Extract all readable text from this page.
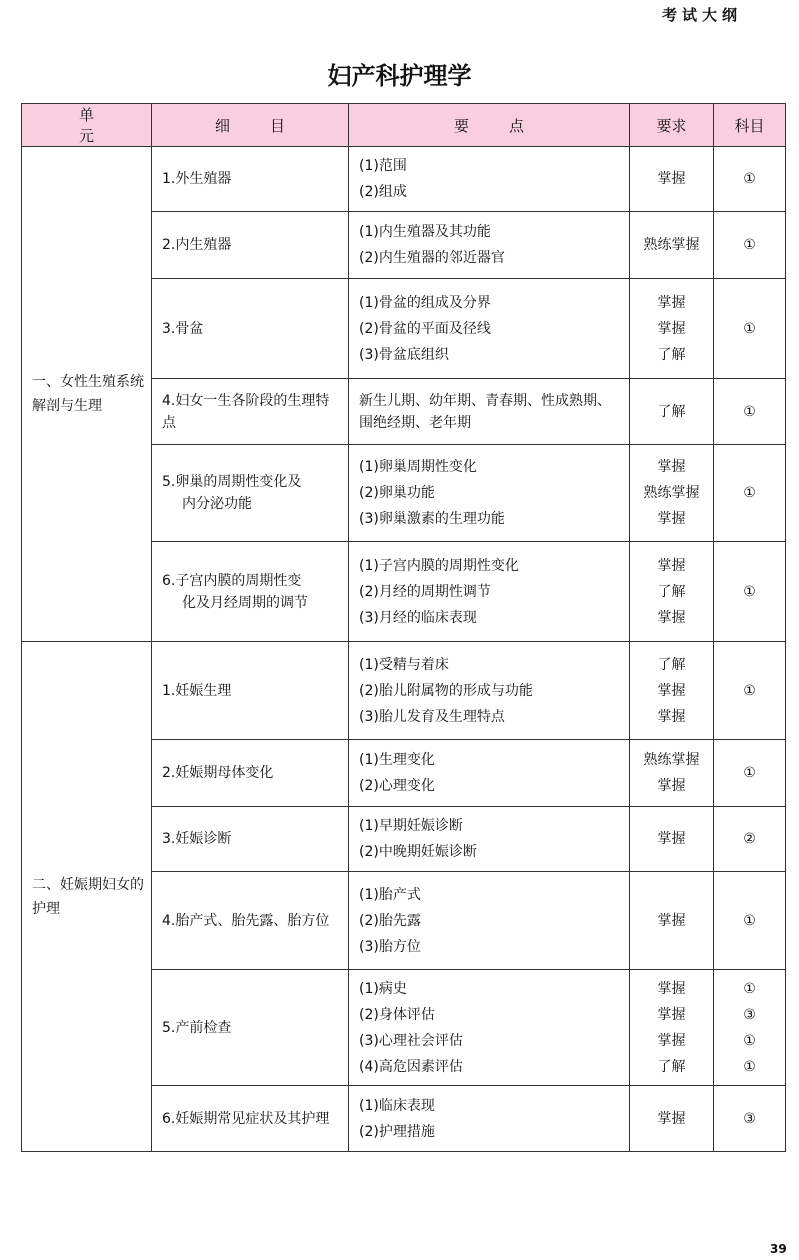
考试大纲
妇产科护理学
单元	细目	要点	要求	科目
一、女性生殖系统解剖与生理	1.外生殖器	(1)范围
(2)组成	掌握	①

	2.内生殖器	(1)内生殖器及其功能
(2)内生殖器的邻近器官	熟练掌握	①

	3.骨盆	(1)骨盆的组成及分界
(2)骨盆的平面及径线
(3)骨盆底组织	掌握
掌握
了解	①

	4.妇女一生各阶段的生理特点	新生儿期、幼年期、青春期、性成熟期、围绝经期、老年期	了解	①

	5.卵巢的周期性变化及
内分泌功能	(1)卵巢周期性变化
(2)卵巢功能
(3)卵巢激素的生理功能	掌握
熟练掌握
掌握	①

	6.子宫内膜的周期性变
化及月经周期的调节	(1)子宫内膜的周期性变化
(2)月经的周期性调节
(3)月经的临床表现	掌握
了解
掌握	①

二、妊娠期妇女的护理	1.妊娠生理	(1)受精与着床
(2)胎儿附属物的形成与功能
(3)胎儿发育及生理特点	了解
掌握
掌握	①

	2.妊娠期母体变化	(1)生理变化
(2)心理变化	熟练掌握
掌握	①

	3.妊娠诊断	(1)早期妊娠诊断
(2)中晚期妊娠诊断	掌握	②

	4.胎产式、胎先露、胎方位	(1)胎产式
(2)胎先露
(3)胎方位	掌握	①

	5.产前检查	(1)病史
(2)身体评估
(3)心理社会评估
(4)高危因素评估	掌握
掌握
掌握
了解	①
③
①
①

	6.妊娠期常见症状及其护理	(1)临床表现
(2)护理措施	掌握	③
39
